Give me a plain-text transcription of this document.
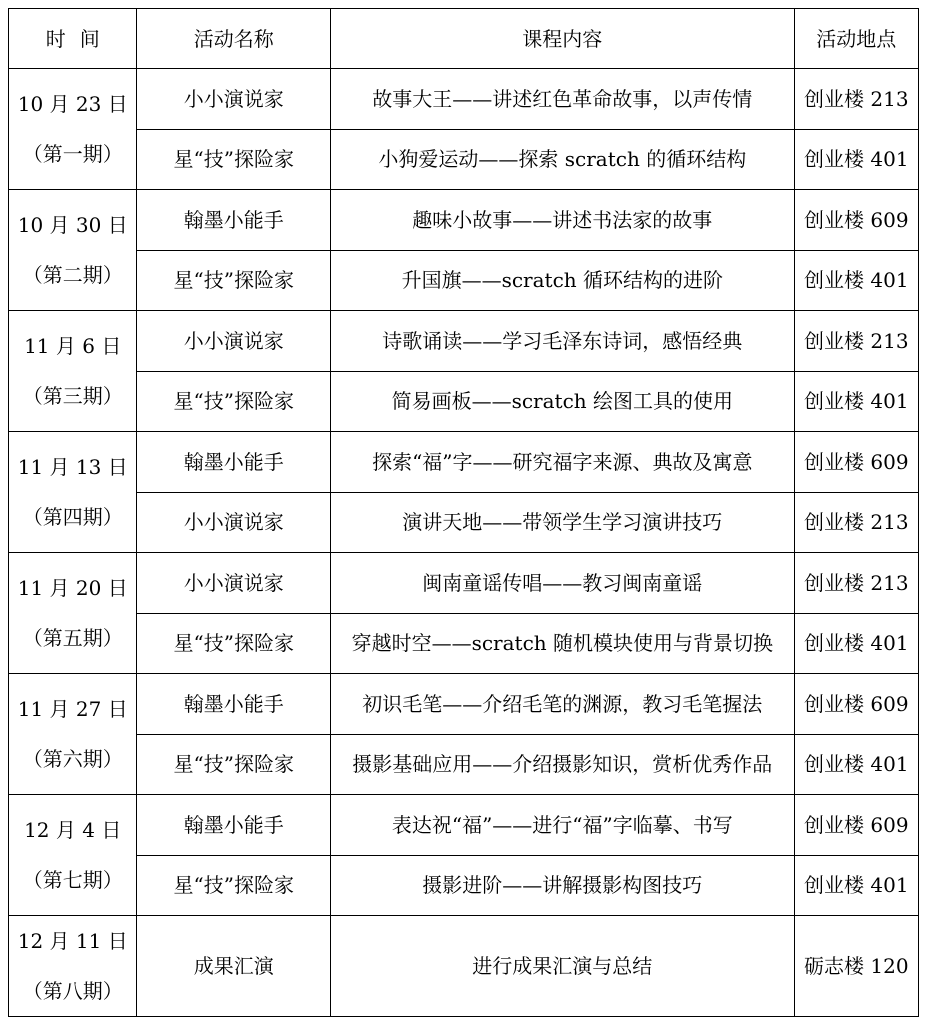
时间	活动名称	课程内容	活动地点

10 月 23 日
（第一期）	小小演说家	故事大王——讲述红色革命故事，以声传情	创业楼 213
	星“技”探险家	小狗爱运动——探索 scratch 的循环结构	创业楼 401

10 月 30 日
（第二期）	翰墨小能手	趣味小故事——讲述书法家的故事	创业楼 609
	星“技”探险家	升国旗——scratch 循环结构的进阶	创业楼 401

11 月 6 日
（第三期）	小小演说家	诗歌诵读——学习毛泽东诗词，感悟经典	创业楼 213
	星“技”探险家	简易画板——scratch 绘图工具的使用	创业楼 401

11 月 13 日
（第四期）	翰墨小能手	探索“福”字——研究福字来源、典故及寓意	创业楼 609
	小小演说家	演讲天地——带领学生学习演讲技巧	创业楼 213

11 月 20 日
（第五期）	小小演说家	闽南童谣传唱——教习闽南童谣	创业楼 213
	星“技”探险家	穿越时空——scratch 随机模块使用与背景切换	创业楼 401

11 月 27 日
（第六期）	翰墨小能手	初识毛笔——介绍毛笔的渊源，教习毛笔握法	创业楼 609
	星“技”探险家	摄影基础应用——介绍摄影知识，赏析优秀作品	创业楼 401

12 月 4 日
（第七期）	翰墨小能手	表达祝“福”——进行“福”字临摹、书写	创业楼 609
	星“技”探险家	摄影进阶——讲解摄影构图技巧	创业楼 401

12 月 11 日
（第八期）	成果汇演	进行成果汇演与总结	砺志楼 120
